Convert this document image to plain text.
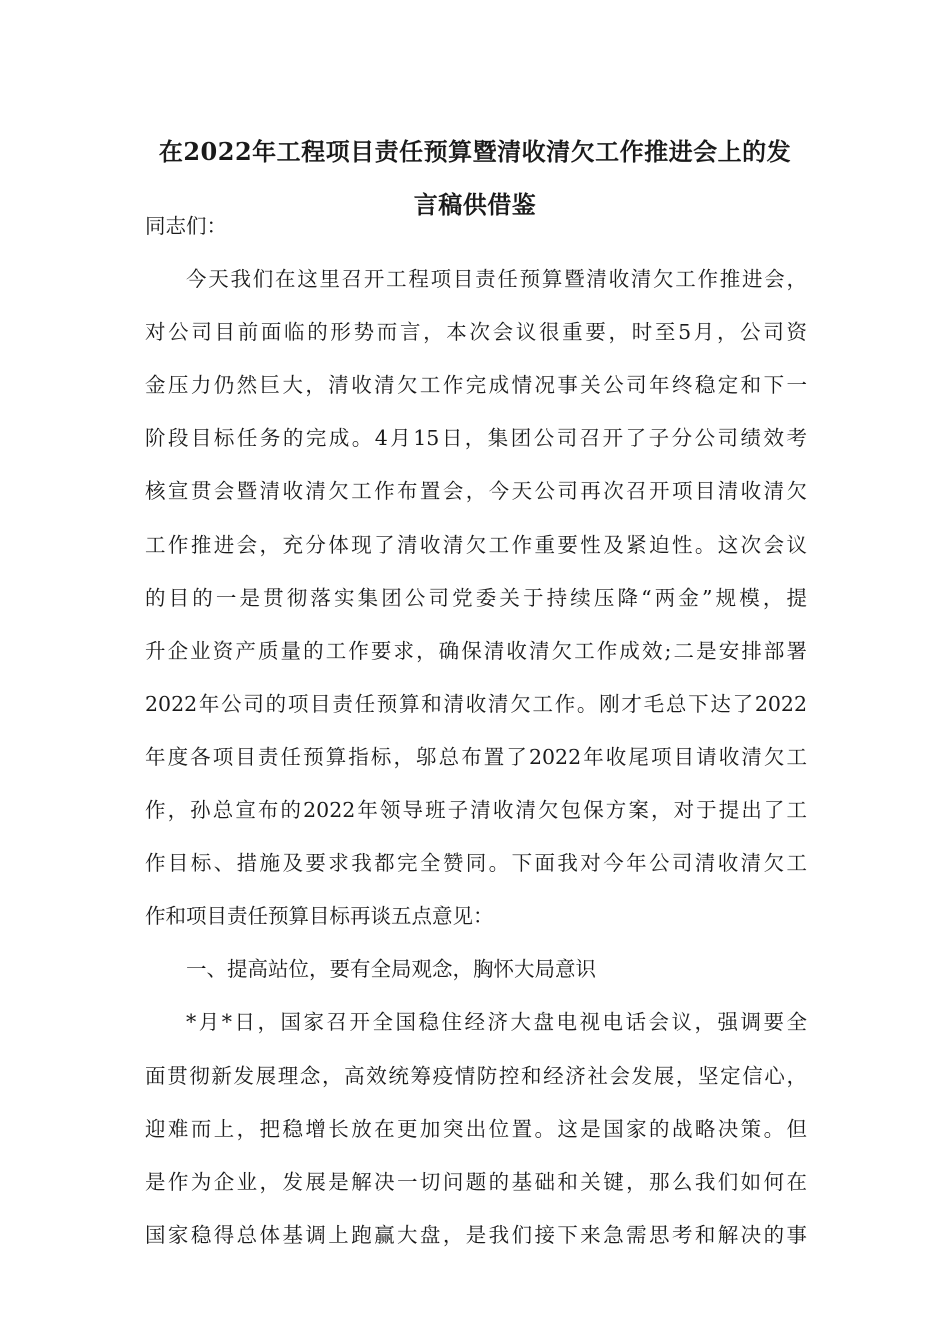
在2022年工程项目责任预算暨清收清欠工作推进会上的发
言稿供借鉴
同志们：
今天我们在这里召开工程项目责任预算暨清收清欠工作推进会，
对公司目前面临的形势而言，本次会议很重要，时至5月，公司资
金压力仍然巨大，清收清欠工作完成情况事关公司年终稳定和下一
阶段目标任务的完成。4月15日，集团公司召开了子分公司绩效考
核宣贯会暨清收清欠工作布置会，今天公司再次召开项目清收清欠
工作推进会，充分体现了清收清欠工作重要性及紧迫性。这次会议
的目的一是贯彻落实集团公司党委关于持续压降“两金”规模，提
升企业资产质量的工作要求，确保清收清欠工作成效;二是安排部署
2022年公司的项目责任预算和清收清欠工作。刚才毛总下达了2022
年度各项目责任预算指标，邬总布置了2022年收尾项目请收清欠工
作，孙总宣布的2022年领导班子清收清欠包保方案，对于提出了工
作目标、措施及要求我都完全赞同。下面我对今年公司清收清欠工
作和项目责任预算目标再谈五点意见：
一、提高站位，要有全局观念，胸怀大局意识
*月*日，国家召开全国稳住经济大盘电视电话会议，强调要全
面贯彻新发展理念，高效统筹疫情防控和经济社会发展，坚定信心，
迎难而上，把稳增长放在更加突出位置。这是国家的战略决策。但
是作为企业，发展是解决一切问题的基础和关键，那么我们如何在
国家稳得总体基调上跑赢大盘，是我们接下来急需思考和解决的事
